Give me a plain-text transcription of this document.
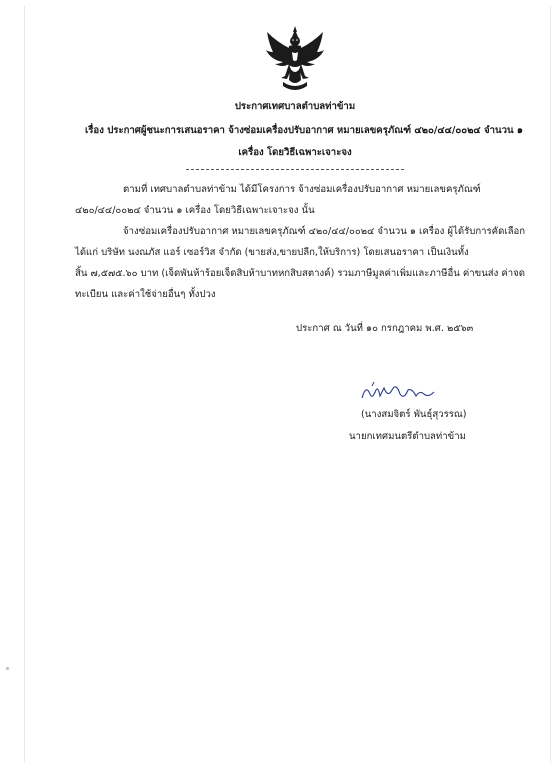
ประกาศเทศบาลตำบลท่าข้าม
เรื่อง ประกาศผู้ชนะการเสนอราคา จ้างซ่อมเครื่องปรับอากาศ หมายเลขครุภัณฑ์ ๔๒๐/๔๔/๐๐๒๔ จำนวน ๑
เครื่อง โดยวิธีเฉพาะเจาะจง
ตามที่ เทศบาลตำบลท่าข้าม ได้มีโครงการ จ้างซ่อมเครื่องปรับอากาศ หมายเลขครุภัณฑ์
๔๒๐/๔๔/๐๐๒๔ จำนวน ๑ เครื่อง โดยวิธีเฉพาะเจาะจง นั้น
จ้างซ่อมเครื่องปรับอากาศ หมายเลขครุภัณฑ์ ๔๒๐/๔๔/๐๐๒๔ จำนวน ๑ เครื่อง ผู้ได้รับการคัดเลือก
ได้แก่ บริษัท นงณภัส แอร์ เซอร์วิส จำกัด (ขายส่ง,ขายปลีก,ให้บริการ) โดยเสนอราคา เป็นเงินทั้ง
สิ้น ๗,๕๗๕.๖๐ บาท (เจ็ดพันห้าร้อยเจ็ดสิบห้าบาทหกสิบสตางค์) รวมภาษีมูลค่าเพิ่มและภาษีอื่น ค่าขนส่ง ค่าจด
ทะเบียน และค่าใช้จ่ายอื่นๆ ทั้งปวง
ประกาศ ณ วันที่ ๑๐ กรกฎาคม พ.ศ. ๒๕๖๓
(นางสมจิตร์ พันธุ์สุวรรณ)
นายกเทศมนตรีตำบลท่าข้าม
